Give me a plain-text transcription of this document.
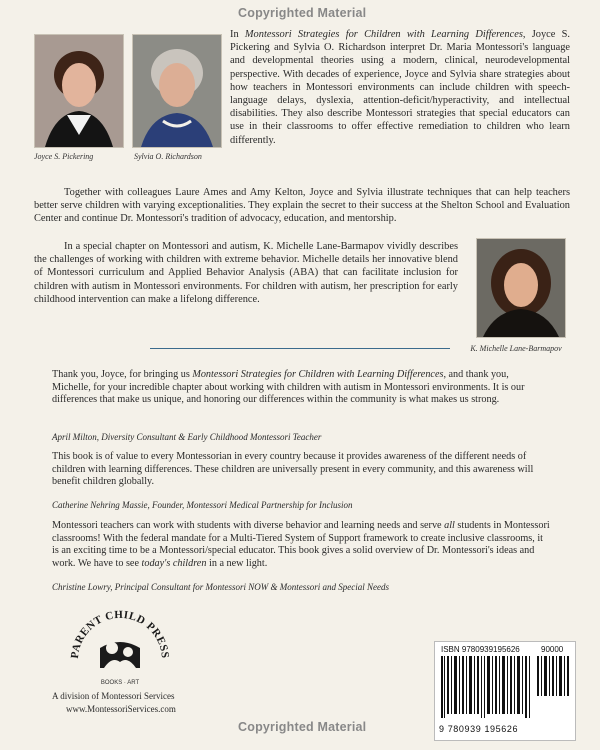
Copyrighted Material
Joyce S. Pickering	Sylvia O. Richardson
In Montessori Strategies for Children with Learning Differences, Joyce S. Pickering and Sylvia O. Richardson interpret Dr. Maria Montessori's language and developmental theories using a modern, clinical, neurodevelopmental perspective. With decades of experience, Joyce and Sylvia share strategies about how teachers in Montessori environments can include children with speech-language delays, dyslexia, attention-deficit/hyperactivity, and intellectual disabilities. They also describe Montessori strategies that special educators can use in their classrooms to offer effective remediation to children who learn differently.
Together with colleagues Laure Ames and Amy Kelton, Joyce and Sylvia illustrate techniques that can help teachers better serve children with varying exceptionalities. They explain the secret to their success at the Shelton School and Evaluation Center and continue Dr. Montessori's tradition of advocacy, education, and mentorship.
In a special chapter on Montessori and autism, K. Michelle Lane-Barmapov vividly describes the challenges of working with children with extreme behavior. Michelle details her innovative blend of Montessori curriculum and Applied Behavior Analysis (ABA) that can facilitate inclusion for children with autism in Montessori environments. For children with autism, her prescription for early childhood intervention can make a lifelong difference.
K. Michelle Lane-Barmapov
Thank you, Joyce, for bringing us Montessori Strategies for Children with Learning Differences, and thank you, Michelle, for your incredible chapter about working with children with autism in Montessori environments. It is our differences that make us unique, and honoring our differences within the community is what makes us strong.
April Milton, Diversity Consultant & Early Childhood Montessori Teacher
This book is of value to every Montessorian in every country because it provides awareness of the different needs of children with learning differences. These children are universally present in every community, and this awareness will benefit children globally.
Catherine Nehring Massie, Founder, Montessori Medical Partnership for Inclusion
Montessori teachers can work with students with diverse behavior and learning needs and serve all students in Montessori classrooms! With the federal mandate for a Multi-Tiered System of Support framework to create inclusive classrooms, it is an exciting time to be a Montessori/special educator. This book gives a solid overview of Dr. Montessori's ideas and work. We have to see today's children in a new light.
Christine Lowry, Principal Consultant for Montessori NOW & Montessori and Special Needs
PARENT CHILD PRESS
BOOKS · ART
A division of Montessori Services
www.MontessoriServices.com
ISBN 9780939195626	90000
9 780939 195626
Copyrighted Material
